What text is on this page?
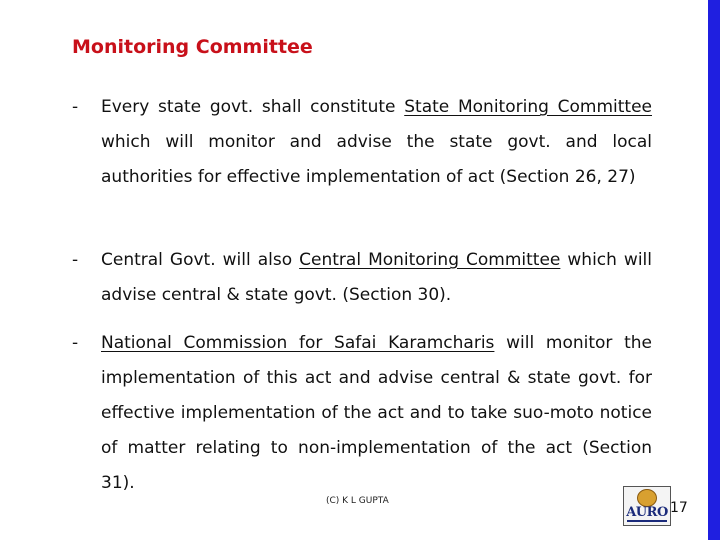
Monitoring Committee
- Every state govt. shall constitute State Monitoring Committee which will monitor and advise the state govt. and local authorities for effective implementation of act (Section 26, 27)
- Central Govt. will also Central Monitoring Committee which will advise central & state govt. (Section 30).
- National Commission for Safai Karamcharis will monitor the implementation of this act and advise central & state govt. for effective implementation of the act and to take suo-moto notice of matter relating to non-implementation of the act (Section 31).
(C) K L GUPTA
AURO 17
